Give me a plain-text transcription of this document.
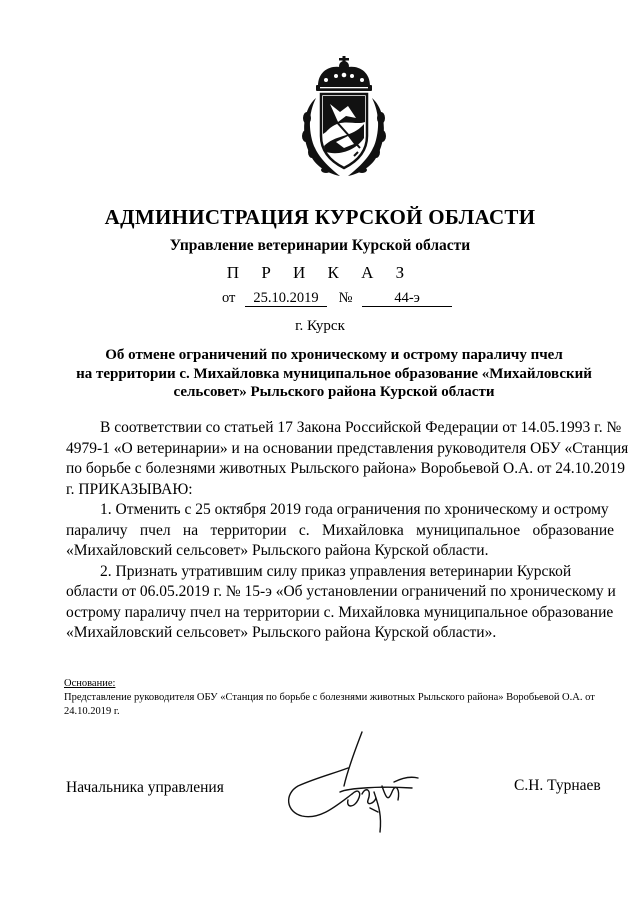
АДМИНИСТРАЦИЯ КУРСКОЙ ОБЛАСТИ
Управление ветеринарии Курской области
П Р И К А З
от 25.10.2019 №	44-э
г. Курск
Об отмене ограничений по хроническому и острому параличу пчел
на территории с. Михайловка муниципальное образование «Михайловский
сельсовет» Рыльского района Курской области
В соответствии со статьей 17 Закона Российской Федерации от 14.05.1993 г. №
4979-1 «О ветеринарии» и на основании представления руководителя ОБУ «Станция
по борьбе с болезнями животных Рыльского района» Воробьевой О.А. от 24.10.2019
г. ПРИКАЗЫВАЮ:
1. Отменить с 25 октября 2019 года ограничения по хроническому и острому
параличу пчел на территории с. Михайловка муниципальное образование
«Михайловский сельсовет» Рыльского района Курской области.
2. Признать утратившим силу приказ управления ветеринарии Курской
области от 06.05.2019 г. № 15-э «Об установлении ограничений по хроническому и
острому параличу пчел на территории с. Михайловка муниципальное образование
«Михайловский сельсовет» Рыльского района Курской области».
Основание:
Представление руководителя ОБУ «Станция по борьбе с болезнями животных Рыльского района» Воробьевой О.А. от 24.10.2019 г.
Начальника управления	С.Н. Турнаев
